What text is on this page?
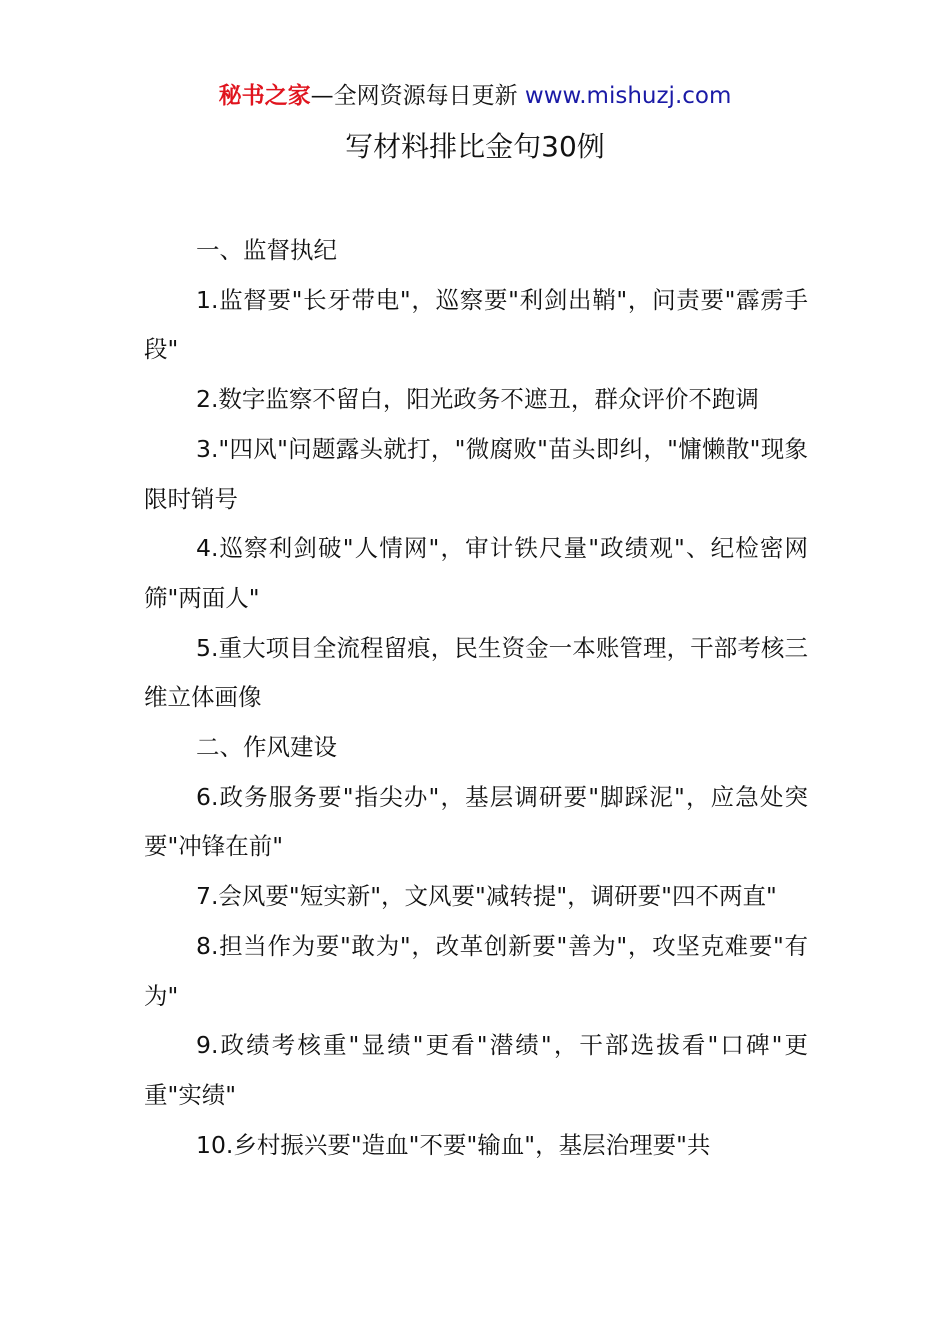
秘书之家—全网资源每日更新 www.mishuzj.com
写材料排比金句30例

一、监督执纪

1.监督要"长牙带电"，巡察要"利剑出鞘"，问责要"霹雳手段"

2.数字监察不留白，阳光政务不遮丑，群众评价不跑调

3."四风"问题露头就打，"微腐败"苗头即纠，"慵懒散"现象限时销号

4.巡察利剑破"人情网"，审计铁尺量"政绩观"、纪检密网筛"两面人"

5.重大项目全流程留痕，民生资金一本账管理，干部考核三维立体画像

二、作风建设

6.政务服务要"指尖办"，基层调研要"脚踩泥"，应急处突要"冲锋在前"

7.会风要"短实新"，文风要"减转提"，调研要"四不两直"

8.担当作为要"敢为"，改革创新要"善为"，攻坚克难要"有为"

9.政绩考核重"显绩"更看"潜绩"，干部选拔看"口碑"更重"实绩"

10.乡村振兴要"造血"不要"输血"，基层治理要"共
